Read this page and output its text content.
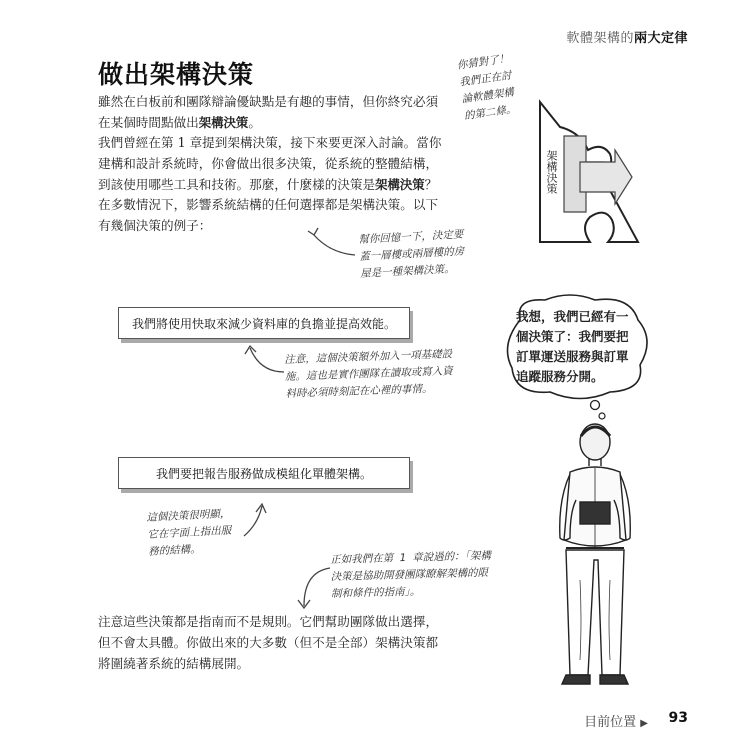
軟體架構的兩大定律
做出架構決策
雖然在白板前和團隊辯論優缺點是有趣的事情，但你終究必須在某個時間點做出架構決策。
我們曾經在第 1 章提到架構決策，接下來要更深入討論。當你建構和設計系統時，你會做出很多決策，從系統的整體結構，到該使用哪些工具和技術。那麼，什麼樣的決策是架構決策？
在多數情況下，影響系統結構的任何選擇都是架構決策。以下有幾個決策的例子：
注意這些決策都是指南而不是規則。它們幫助團隊做出選擇，但不會太具體。你做出來的大多數（但不是全部）架構決策都將圍繞著系統的結構展開。
架構決策
你猜對了！
我們正在討
論軟體架構
的第二條。
幫你回憶一下，決定要
蓋一層樓或兩層樓的房
屋是一種架構決策。
我們將使用快取來減少資料庫的負擔並提高效能。
注意，這個決策額外加入一項基礎設
施。這也是實作團隊在讀取或寫入資
料時必須時刻記在心裡的事情。
我們要把報告服務做成模組化單體架構。
這個決策很明顯，
它在字面上指出服
務的結構。	正如我們在第 1 章說過的：「架構
決策是協助開發團隊瞭解架構的限
制和條件的指南」。
我想，我們已經有一
個決策了：我們要把
訂單運送服務與訂單
追蹤服務分開。
目前位置 ▶ 93
